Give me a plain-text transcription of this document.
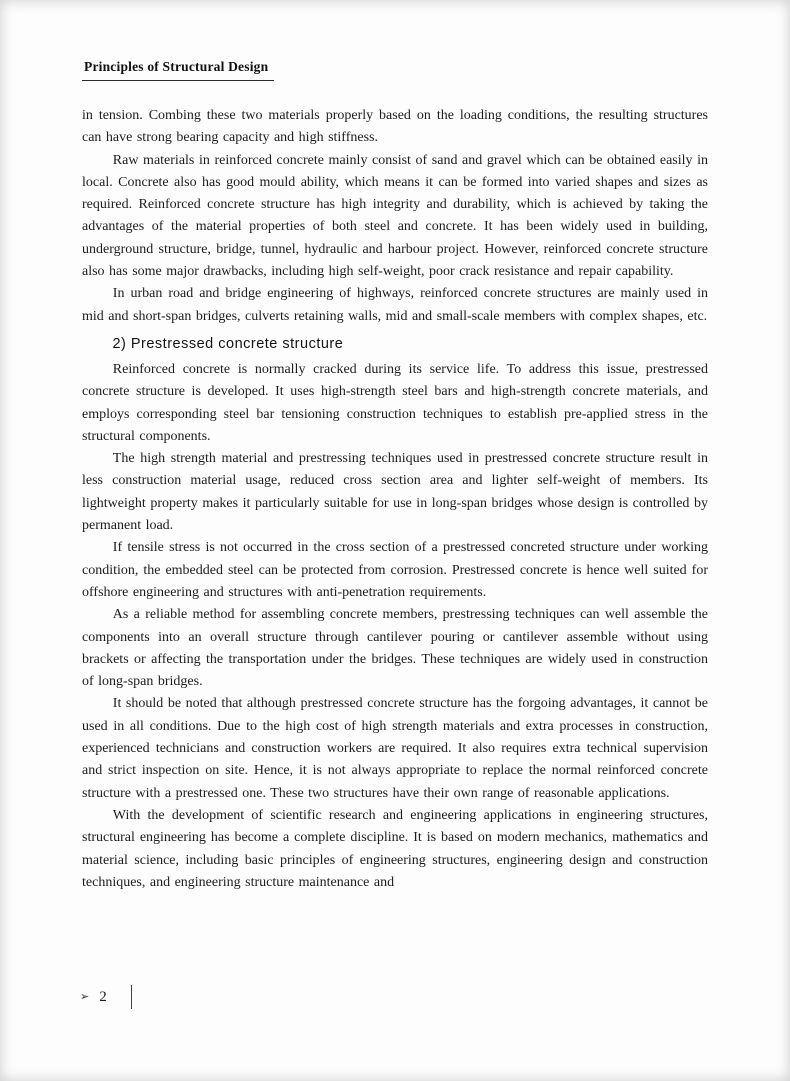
Principles of Structural Design

in tension. Combing these two materials properly based on the loading conditions, the resulting structures can have strong bearing capacity and high stiffness.

Raw materials in reinforced concrete mainly consist of sand and gravel which can be obtained easily in local. Concrete also has good mould ability, which means it can be formed into varied shapes and sizes as required. Reinforced concrete structure has high integrity and durability, which is achieved by taking the advantages of the material properties of both steel and concrete. It has been widely used in building, underground structure, bridge, tunnel, hydraulic and harbour project. However, reinforced concrete structure also has some major drawbacks, including high self-weight, poor crack resistance and repair capability.

In urban road and bridge engineering of highways, reinforced concrete structures are mainly used in mid and short-span bridges, culverts retaining walls, mid and small-scale members with complex shapes, etc.

2) Prestressed concrete structure

Reinforced concrete is normally cracked during its service life. To address this issue, prestressed concrete structure is developed. It uses high-strength steel bars and high-strength concrete materials, and employs corresponding steel bar tensioning construction techniques to establish pre-applied stress in the structural components.

The high strength material and prestressing techniques used in prestressed concrete structure result in less construction material usage, reduced cross section area and lighter self-weight of members. Its lightweight property makes it particularly suitable for use in long-span bridges whose design is controlled by permanent load.

If tensile stress is not occurred in the cross section of a prestressed concreted structure under working condition, the embedded steel can be protected from corrosion. Prestressed concrete is hence well suited for offshore engineering and structures with anti-penetration requirements.

As a reliable method for assembling concrete members, prestressing techniques can well assemble the components into an overall structure through cantilever pouring or cantilever assemble without using brackets or affecting the transportation under the bridges. These techniques are widely used in construction of long-span bridges.

It should be noted that although prestressed concrete structure has the forgoing advantages, it cannot be used in all conditions. Due to the high cost of high strength materials and extra processes in construction, experienced technicians and construction workers are required. It also requires extra technical supervision and strict inspection on site. Hence, it is not always appropriate to replace the normal reinforced concrete structure with a prestressed one. These two structures have their own range of reasonable applications.

With the development of scientific research and engineering applications in engineering structures, structural engineering has become a complete discipline. It is based on modern mechanics, mathematics and material science, including basic principles of engineering structures, engineering design and construction techniques, and engineering structure maintenance and

➢ 2
